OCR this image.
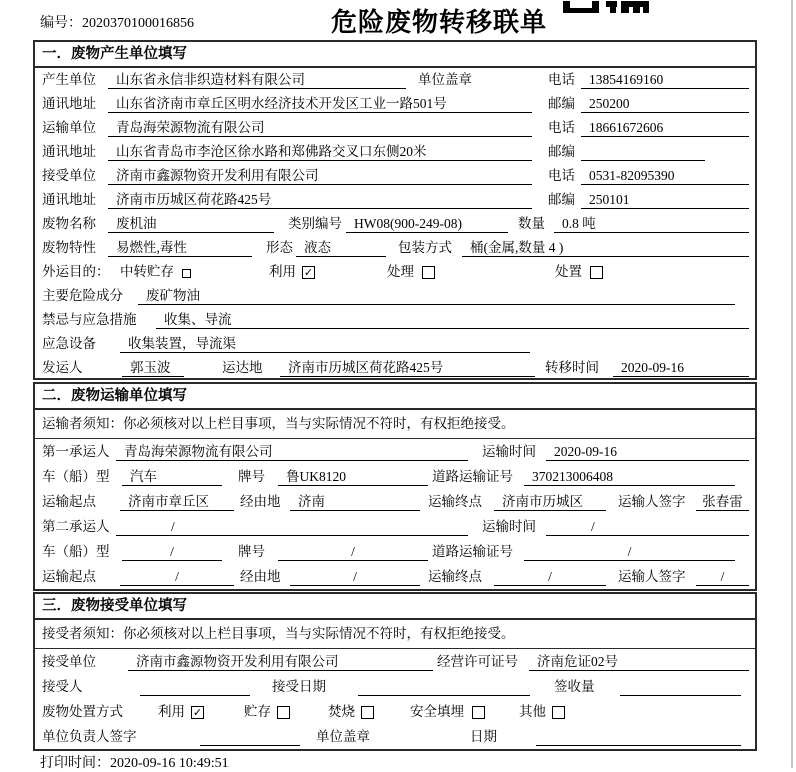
编号：2020370100016856	危险废物转移联单
一．废物产生单位填写
产生单位	山东省永信非织造材料有限公司	单位盖章	电话	13854169160
通讯地址	山东省济南市章丘区明水经济技术开发区工业一路501号	邮编	250200
运输单位	青岛海荣源物流有限公司	电话	18661672606
通讯地址	山东省青岛市李沧区徐水路和郑佛路交叉口东侧20米	邮编
接受单位	济南市鑫源物资开发利用有限公司	电话	0531-82095390
通讯地址	济南市历城区荷花路425号	邮编	250101
废物名称	废机油	类别编号 HW08(900-249-08)	数量	0.8 吨
废物特性	易燃性,毒性	形态 液态	包装方式	桶(金属,数量 4 )
外运目的： 中转贮存	利用 ✓	处理	处置
主要危险成分	废矿物油
禁忌与应急措施	收集、导流
应急设备	收集装置，导流渠
发运人	郭玉波	运达地	济南市历城区荷花路425号	转移时间	2020-09-16
二．废物运输单位填写
运输者须知：你必须核对以上栏目事项，当与实际情况不符时，有权拒绝接受。
第一承运人	青岛海荣源物流有限公司	运输时间	2020-09-16
车（船）型	汽车	牌号	鲁UK8120	道路运输证号	370213006408
运输起点	济南市章丘区	经由地	济南	运输终点	济南市历城区	运输人签字	张春雷
第二承运人	/	运输时间	/
车（船）型	/	牌号	/	道路运输证号	/
运输起点	/	经由地	/	运输终点	/	运输人签字	/
三．废物接受单位填写
接受者须知：你必须核对以上栏目事项，当与实际情况不符时，有权拒绝接受。
接受单位	济南市鑫源物资开发利用有限公司	经营许可证号	济南危证02号
接受人	接受日期	签收量
废物处置方式	利用 ✓	贮存	焚烧	安全填埋	其他
单位负责人签字	单位盖章	日期
打印时间：2020-09-16 10:49:51
